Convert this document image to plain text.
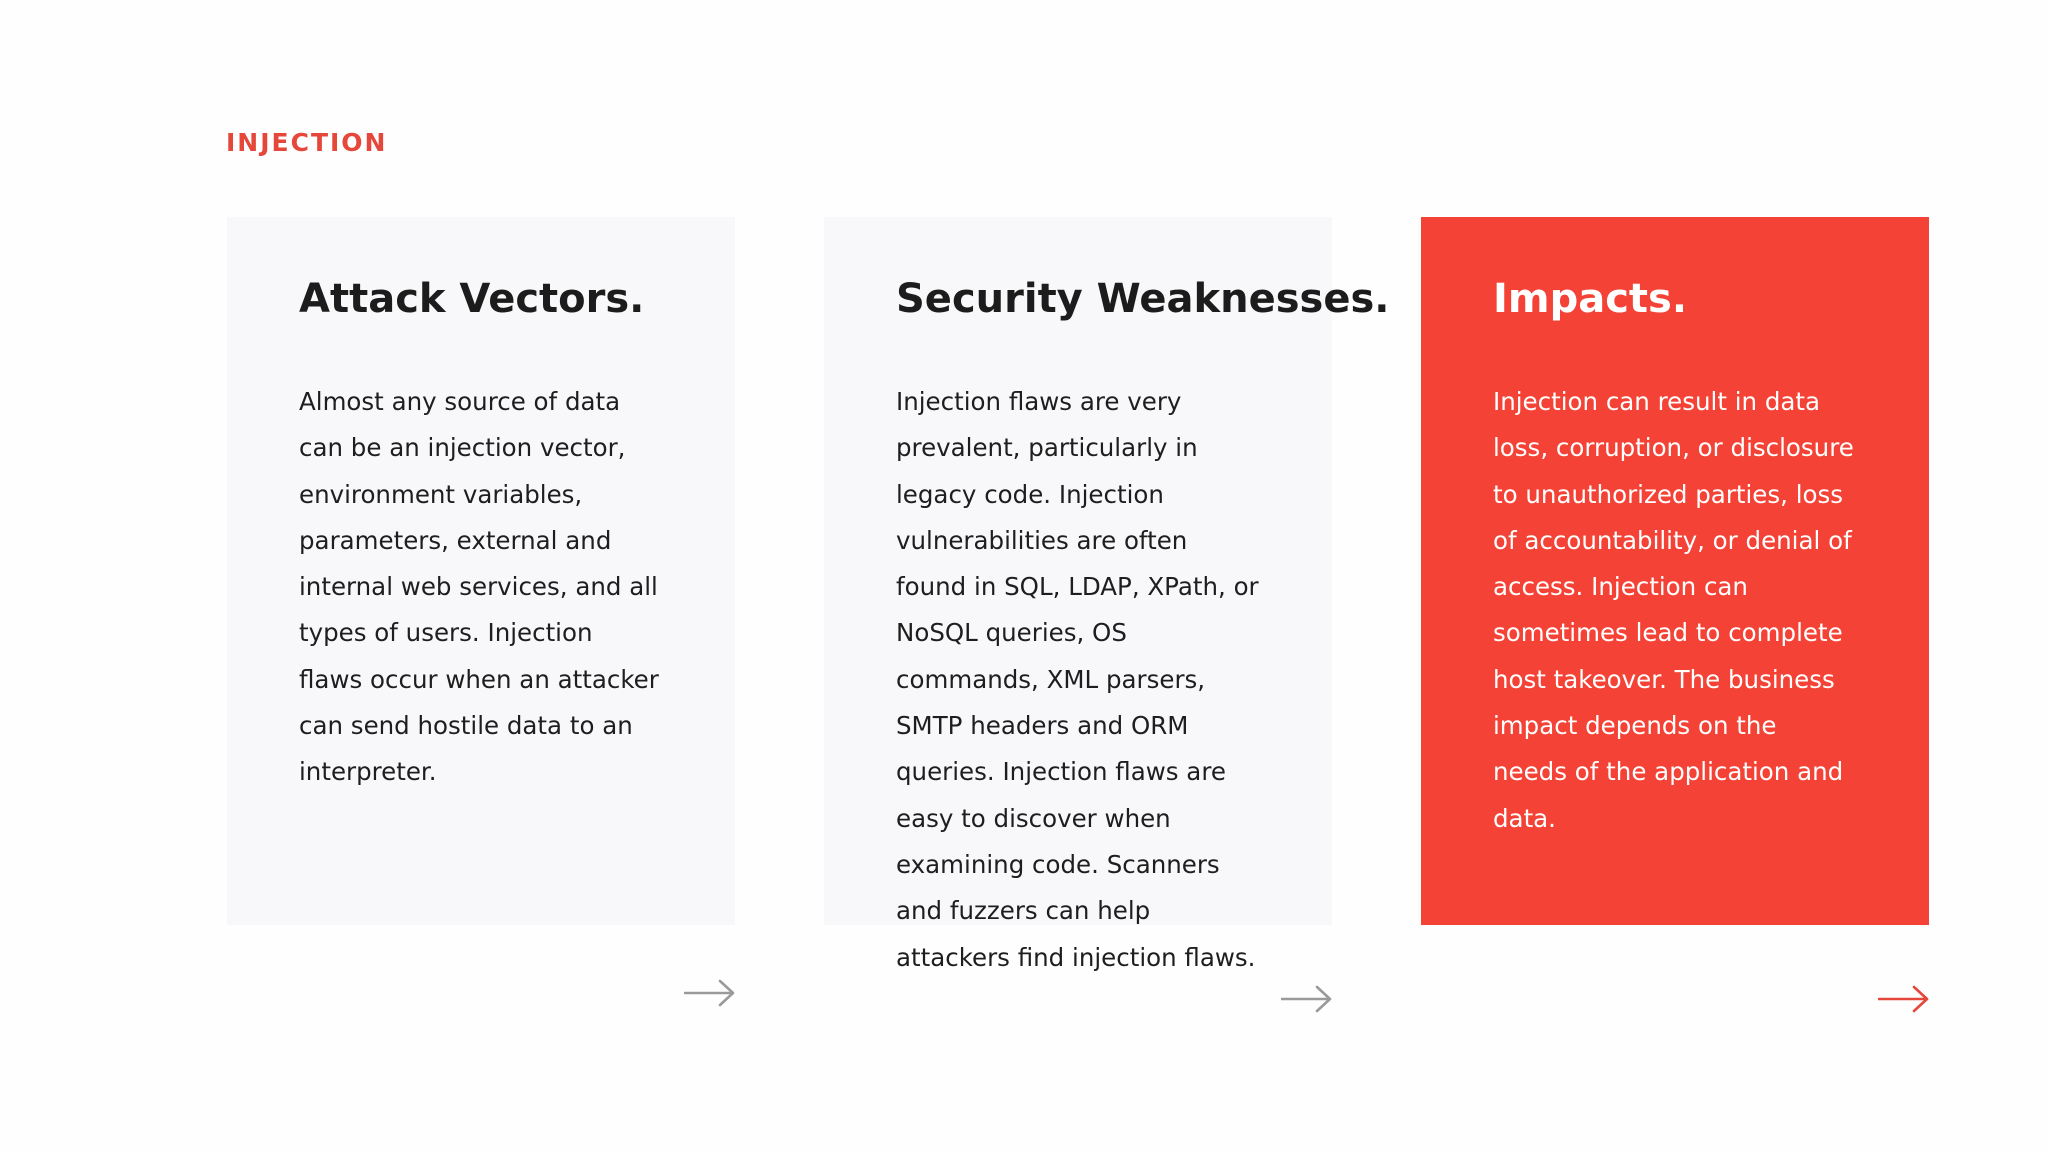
INJECTION
Attack Vectors.

Almost any source of data can be an injection vector, environment variables, parameters, external and internal web services, and all types of users. Injection flaws occur when an attacker can send hostile data to an interpreter.

Security Weaknesses.

Injection flaws are very prevalent, particularly in legacy code. Injection vulnerabilities are often found in SQL, LDAP, XPath, or NoSQL queries, OS commands, XML parsers, SMTP headers and ORM queries. Injection flaws are easy to discover when examining code. Scanners and fuzzers can help attackers find injection flaws.

Impacts.

Injection can result in data loss, corruption, or disclosure to unauthorized parties, loss of accountability, or denial of access. Injection can sometimes lead to complete host takeover. The business impact depends on the needs of the application and data.
